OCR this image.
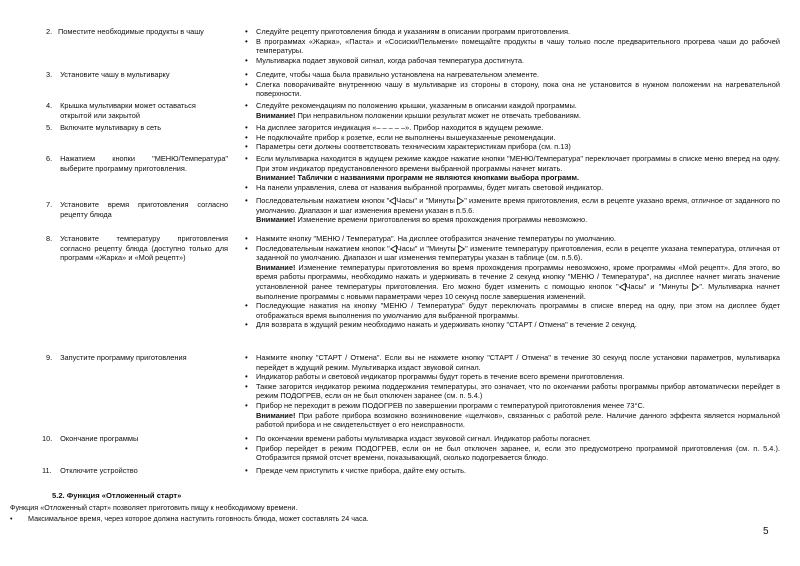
2. Поместите необходимые продукты в чашу	• Следуйте рецепту приготовления блюда и указаниям в описании программ приготовления.
• В программах «Жарка», «Паста» и «Сосиски/Пельмени» помещайте продукты в чашу только после предварительного прогрева чаши до рабочей температуры.
• Мультиварка подает звуковой сигнал, когда рабочая температура достигнута.
3. Установите чашу в мультиварку	• Следите, чтобы чаша была правильно установлена на нагревательном элементе.
• Слегка поворачивайте внутреннюю чашу в мультиварке из стороны в сторону, пока она не установится в нужном положении на нагревательной поверхности.
4. Крышка мультиварки может оставаться открытой или закрытой
• Следуйте рекомендациям по положению крышки, указанным в описании каждой программы.
Внимание! При неправильном положении крышки результат может не отвечать требованиям.
5. Включите мультиварку в сеть	• На дисплее загорится индикация «– – – – –». Прибор находится в ждущем режиме.
• Не подключайте прибор к розетке, если не выполнены вышеуказанные рекомендации.
• Параметры сети должны соответствовать техническим характеристикам прибора (см. п.13)
6. Нажатием кнопки "МЕНЮ/Температура" выберите программу приготовления.
• Если мультиварка находится в ждущем режиме каждое нажатие кнопки "МЕНЮ/Температура" переключает программы в списке меню вперед на одну. При этом индикатор предустановленного времени выбранной программы начнет мигать.
Внимание! Таблички с названиями программ не являются кнопками выбора программ.
• На панели управления, слева от названия выбранной программы, будет мигать световой индикатор.
7. Установите время приготовления согласно рецепту блюда
• Последовательным нажатием кнопок " Часы" и "Минуты " измените время приготовления, если в рецепте указано время, отличное от заданного по умолчанию. Диапазон и шаг изменения времени указан в п.5.6.
Внимание! Изменение времени приготовления во время прохождения программы невозможно.
8. Установите температуру приготовления согласно рецепту блюда (доступно только для программ «Жарка» и «Мой рецепт»)
• Нажмите кнопку "МЕНЮ / Температура". На дисплее отобразится значение температуры по умолчанию.
• Последовательным нажатием кнопок " Часы" и "Минуты " измените температуру приготовления, если в рецепте указана температура, отличная от заданной по умолчанию. Диапазон и шаг изменения температуры указан в таблице (см. п.5.6).
Внимание! Изменение температуры приготовления во время прохождения программы невозможно, кроме программы «Мой рецепт». Для этого, во время работы программы, необходимо нажать и удерживать в течение 2 секунд кнопку "МЕНЮ / Температура", на дисплее начнет мигать значение установленной ранее температуры приготовления. Его можно будет изменить с помощью кнопок " Часы" и "Минуты ". Мультиварка начнет выполнение программы с новыми параметрами через 10 секунд после завершения изменений.
• Последующие нажатия на кнопку "МЕНЮ / Температура" будут переключать программы в списке вперед на одну, при этом на дисплее будет отображаться время выполнения по умолчанию для выбранной программы.
• Для возврата в ждущий режим необходимо нажать и удерживать кнопку "СТАРТ / Отмена" в течение 2 секунд.
9. Запустите программу приготовления	• Нажмите кнопку "СТАРТ / Отмена". Если вы не нажмете кнопку "СТАРТ / Отмена" в течение 30 секунд после установки параметров, мультиварка перейдет в ждущий режим. Мультиварка издаст звуковой сигнал.
• Индикатор работы и световой индикатор программы будут гореть в течение всего времени приготовления.
• Также загорится индикатор режима поддержания температуры, это означает, что по окончании работы программы прибор автоматически перейдет в режим ПОДОГРЕВ, если он не был отключен заранее (см. п. 5.4.)
• Прибор не переходит в режим ПОДОГРЕВ по завершении программ с температурой приготовления менее 73°С.
Внимание! При работе прибора возможно возникновение «щелчков», связанных с работой реле. Наличие данного эффекта является нормальной работой прибора и не свидетельствует о его неисправности.
10. Окончание программы	• По окончании времени работы мультиварка издаст звуковой сигнал. Индикатор работы погаснет.
• Прибор перейдет в режим ПОДОГРЕВ, если он не был отключен заранее, и, если это предусмотрено программой приготовления (см. п. 5.4.). Отобразится прямой отсчет времени, показывающий, сколько подогревается блюдо.
11. Отключите устройство	• Прежде чем приступить к чистке прибора, дайте ему остыть.
5.2. Функция «Отложенный старт»
Функция «Отложенный старт» позволяет приготовить пищу к необходимому времени.
• Максимальное время, через которое должна наступить готовность блюда, может составлять 24 часа.
5
